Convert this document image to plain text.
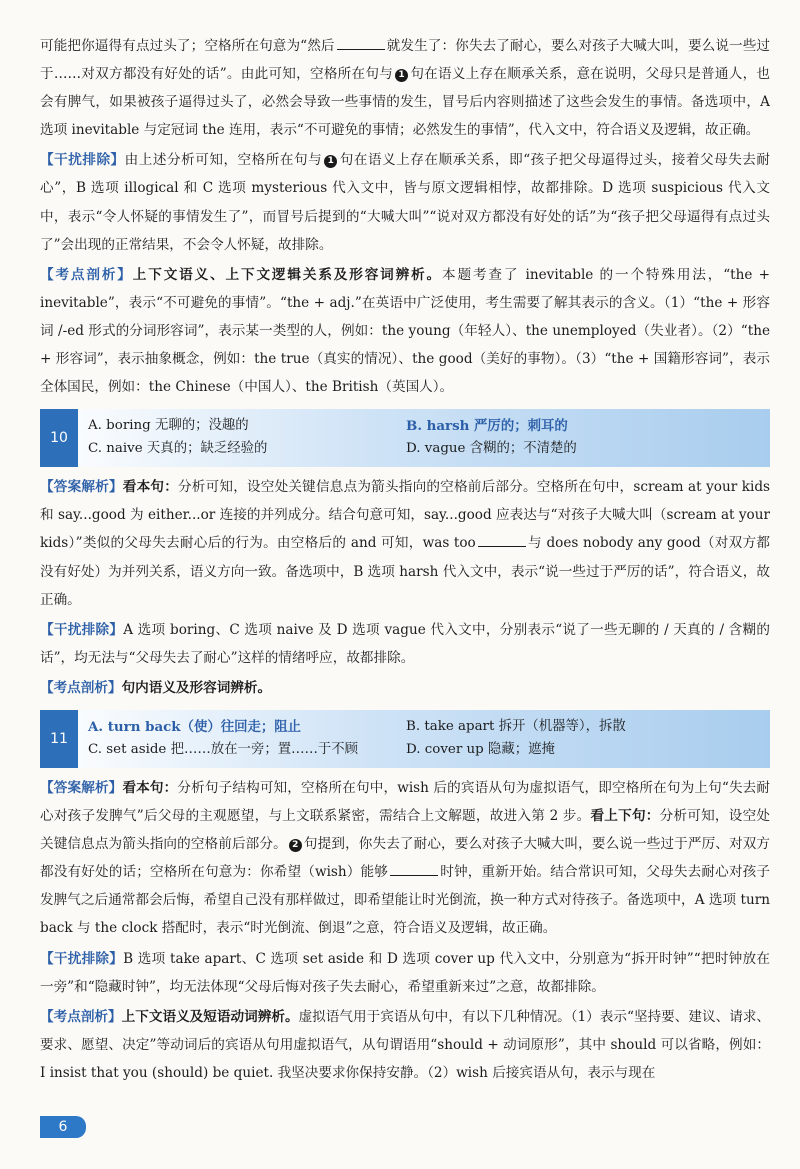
可能把你逼得有点过头了；空格所在句意为“然后	就发生了：你失去了耐心，要么对孩子大喊大叫，要么说一些过于……对双方都没有好处的话”。由此可知，空格所在句与 1 句在语义上存在顺承关系，意在说明，父母只是普通人，也会有脾气，如果被孩子逼得过头了，必然会导致一些事情的发生，冒号后内容则描述了这些会发生的事情。备选项中，A 选项 inevitable 与定冠词 the 连用，表示“不可避免的事情；必然发生的事情”，代入文中，符合语义及逻辑，故正确。

【干扰排除】由上述分析可知，空格所在句与 1 句在语义上存在顺承关系，即“孩子把父母逼得过头，接着父母失去耐心”，B 选项 illogical 和 C 选项 mysterious 代入文中，皆与原文逻辑相悖，故都排除。D 选项 suspicious 代入文中，表示“令人怀疑的事情发生了”，而冒号后提到的“大喊大叫”“说对双方都没有好处的话”为“孩子把父母逼得有点过头了”会出现的正常结果，不会令人怀疑，故排除。

【考点剖析】上下文语义、上下文逻辑关系及形容词辨析。本题考查了 inevitable 的一个特殊用法，“the + inevitable”，表示“不可避免的事情”。“the + adj.”在英语中广泛使用，考生需要了解其表示的含义。（1）“the + 形容词 /-ed 形式的分词形容词”，表示某一类型的人，例如：the young（年轻人）、the unemployed（失业者）。（2）“the + 形容词”，表示抽象概念，例如：the true（真实的情况）、the good（美好的事物）。（3）“the + 国籍形容词”，表示全体国民，例如：the Chinese（中国人）、the British（英国人）。

10
A. boring 无聊的；没趣的	B. harsh 严厉的；刺耳的
C. naive 天真的；缺乏经验的	D. vague 含糊的；不清楚的

【答案解析】看本句：分析可知，设空处关键信息点为箭头指向的空格前后部分。空格所在句中，scream at your kids 和 say...good 为 either...or 连接的并列成分。结合句意可知，say...good 应表达与“对孩子大喊大叫（scream at your kids）”类似的父母失去耐心后的行为。由空格后的 and 可知，was too	与 does nobody any good（对双方都没有好处）为并列关系，语义方向一致。备选项中，B 选项 harsh 代入文中，表示“说一些过于严厉的话”，符合语义，故正确。

【干扰排除】A 选项 boring、C 选项 naive 及 D 选项 vague 代入文中，分别表示“说了一些无聊的 / 天真的 / 含糊的话”，均无法与“父母失去了耐心”这样的情绪呼应，故都排除。

【考点剖析】句内语义及形容词辨析。

11
A. turn back（使）往回走；阻止	B. take apart 拆开（机器等），拆散
C. set aside 把……放在一旁；置……于不顾	D. cover up 隐藏；遮掩

【答案解析】看本句：分析句子结构可知，空格所在句中，wish 后的宾语从句为虚拟语气，即空格所在句为上句“失去耐心对孩子发脾气”后父母的主观愿望，与上文联系紧密，需结合上文解题，故进入第 2 步。看上下句：分析可知，设空处关键信息点为箭头指向的空格前后部分。 2 句提到，你失去了耐心，要么对孩子大喊大叫，要么说一些过于严厉、对双方都没有好处的话；空格所在句意为：你希望（wish）能够	时钟，重新开始。结合常识可知，父母失去耐心对孩子发脾气之后通常都会后悔，希望自己没有那样做过，即希望能让时光倒流，换一种方式对待孩子。备选项中，A 选项 turn back 与 the clock 搭配时，表示“时光倒流、倒退”之意，符合语义及逻辑，故正确。

【干扰排除】B 选项 take apart、C 选项 set aside 和 D 选项 cover up 代入文中，分别意为“拆开时钟”“把时钟放在一旁”和“隐藏时钟”，均无法体现“父母后悔对孩子失去耐心，希望重新来过”之意，故都排除。

【考点剖析】上下文语义及短语动词辨析。虚拟语气用于宾语从句中，有以下几种情况。（1）表示“坚持要、建议、请求、要求、愿望、决定”等动词后的宾语从句用虚拟语气，从句谓语用“should + 动词原形”，其中 should 可以省略，例如：I insist that you (should) be quiet. 我坚决要求你保持安静。（2）wish 后接宾语从句，表示与现在

6
